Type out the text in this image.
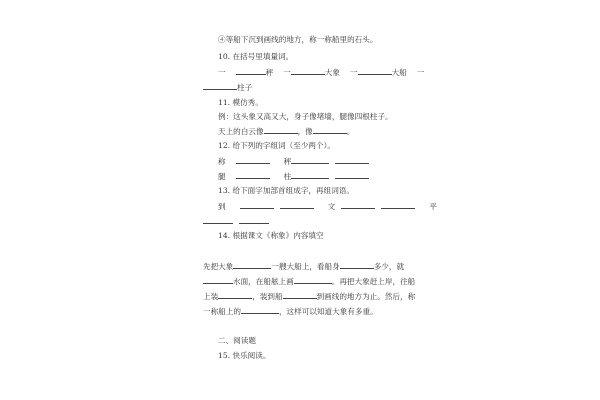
④等船下沉到画线的地方，称一称船里的石头。
10. 在括号里填量词。
一	秤 一	大象 一	大船 一
柱子
11. 模仿秀。
例：这头象又高又大，身子像堵墙，腿像四根柱子。
天上的白云像	，像	。
12. 给下列的字组词（至少两个）。
称	秤
腿	柱
13. 给下面字加部首组成字，再组词语。
到	文	平
14. 根据课文《称象》内容填空
先把大象	一艘大船上，看船身	多少，就
水面，在船舷上画	。再把大象赶上岸，往船
上装	，装到船	到画线的地方为止。然后，称
一称船上的	，这样可以知道大象有多重。
二、阅读题
15. 快乐阅读。
